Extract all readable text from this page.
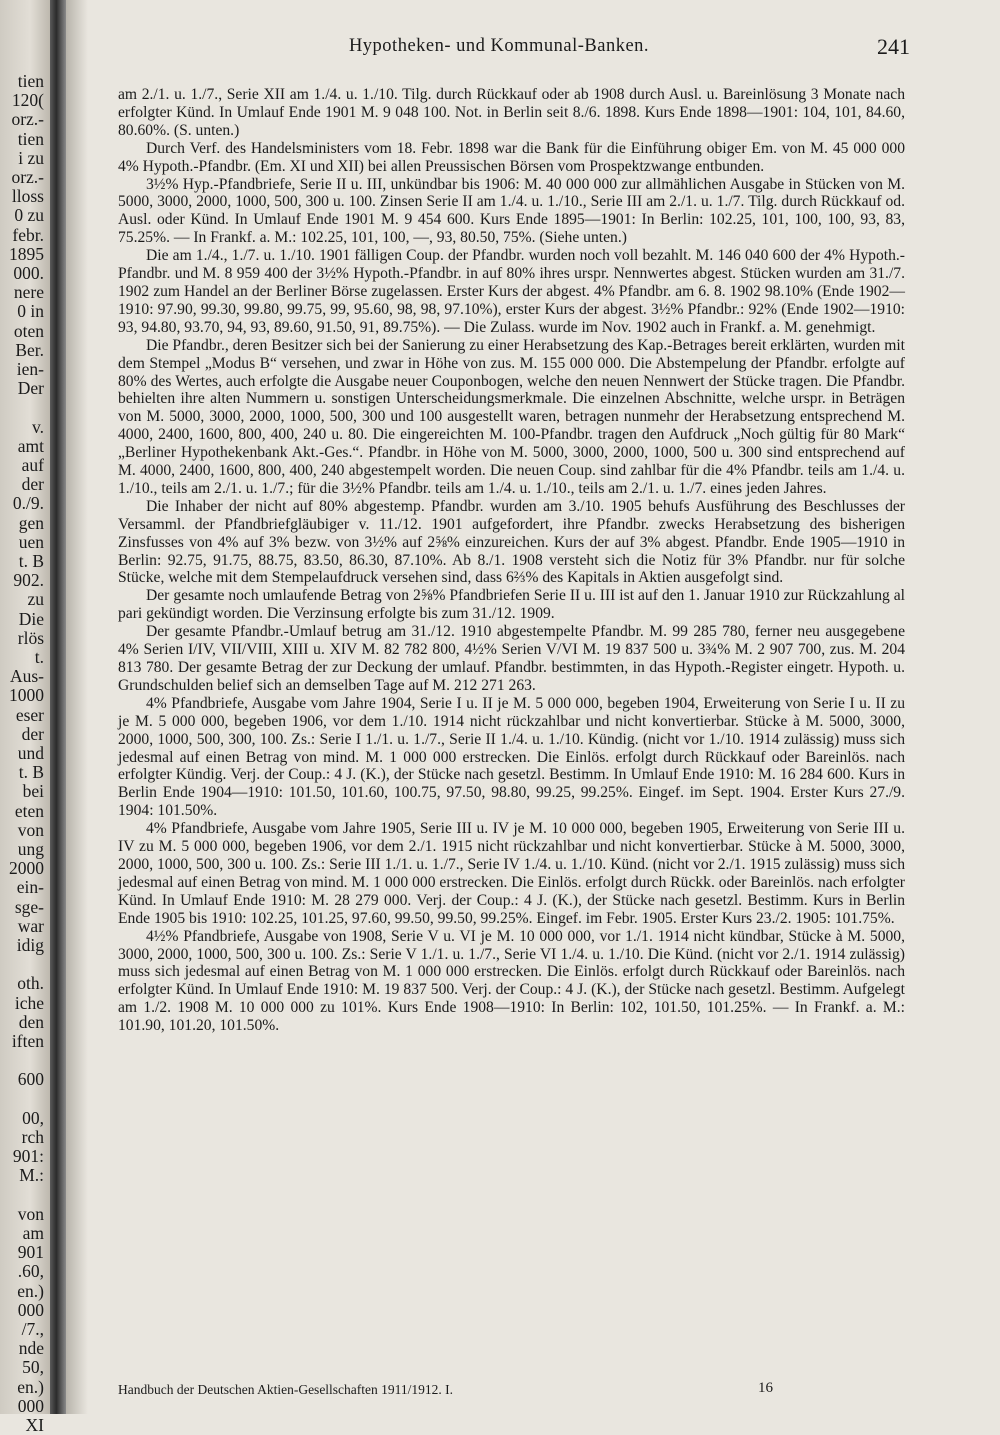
tien
120(
orz.-
tien
i zu
orz.-
lloss
0 zu
febr.
1895
000.
nere
0 in
oten
Ber.
ien-
Der
v.
amt
auf
der
0./9.
gen
uen
t. B
902.
zu
Die
rlös
t.
Aus-
1000
eser
der
und
t. B
bei
eten
von
ung
2000
ein-
sge-
war
idig
oth.
iche
den
iften
600
00,
rch
901:
M.:
von
am
901
.60,
en.)
000
/7.,
nde
50,
en.)
000
XI
Hypotheken- und Kommunal-Banken.	241

am 2./1. u. 1./7., Serie XII am 1./4. u. 1./10. Tilg. durch Rückkauf oder ab 1908 durch Ausl. u. Bareinlösung 3 Monate nach erfolgter Künd. In Umlauf Ende 1901 M. 9 048 100. Not. in Berlin seit 8./6. 1898. Kurs Ende 1898—1901: 104, 101, 84.60, 80.60%. (S. unten.)

Durch Verf. des Handelsministers vom 18. Febr. 1898 war die Bank für die Einführung obiger Em. von M. 45 000 000 4% Hypoth.-Pfandbr. (Em. XI und XII) bei allen Preussischen Börsen vom Prospektzwange entbunden.

3½% Hyp.-Pfandbriefe, Serie II u. III, unkündbar bis 1906: M. 40 000 000 zur allmählichen Ausgabe in Stücken von M. 5000, 3000, 2000, 1000, 500, 300 u. 100. Zinsen Serie II am 1./4. u. 1./10., Serie III am 2./1. u. 1./7. Tilg. durch Rückkauf od. Ausl. oder Künd. In Umlauf Ende 1901 M. 9 454 600. Kurs Ende 1895—1901: In Berlin: 102.25, 101, 100, 100, 93, 83, 75.25%. — In Frankf. a. M.: 102.25, 101, 100, —, 93, 80.50, 75%. (Siehe unten.)

Die am 1./4., 1./7. u. 1./10. 1901 fälligen Coup. der Pfandbr. wurden noch voll bezahlt. M. 146 040 600 der 4% Hypoth.-Pfandbr. und M. 8 959 400 der 3½% Hypoth.-Pfandbr. in auf 80% ihres urspr. Nennwertes abgest. Stücken wurden am 31./7. 1902 zum Handel an der Berliner Börse zugelassen. Erster Kurs der abgest. 4% Pfandbr. am 6. 8. 1902 98.10% (Ende 1902—1910: 97.90, 99.30, 99.80, 99.75, 99, 95.60, 98, 98, 97.10%), erster Kurs der abgest. 3½% Pfandbr.: 92% (Ende 1902—1910: 93, 94.80, 93.70, 94, 93, 89.60, 91.50, 91, 89.75%). — Die Zulass. wurde im Nov. 1902 auch in Frankf. a. M. genehmigt.

Die Pfandbr., deren Besitzer sich bei der Sanierung zu einer Herabsetzung des Kap.-Betrages bereit erklärten, wurden mit dem Stempel „Modus B“ versehen, und zwar in Höhe von zus. M. 155 000 000. Die Abstempelung der Pfandbr. erfolgte auf 80% des Wertes, auch erfolgte die Ausgabe neuer Couponbogen, welche den neuen Nennwert der Stücke tragen. Die Pfandbr. behielten ihre alten Nummern u. sonstigen Unterscheidungsmerkmale. Die einzelnen Abschnitte, welche urspr. in Beträgen von M. 5000, 3000, 2000, 1000, 500, 300 und 100 ausgestellt waren, betragen nunmehr der Herabsetzung entsprechend M. 4000, 2400, 1600, 800, 400, 240 u. 80. Die eingereichten M. 100-Pfandbr. tragen den Aufdruck „Noch gültig für 80 Mark“ „Berliner Hypothekenbank Akt.-Ges.“. Pfandbr. in Höhe von M. 5000, 3000, 2000, 1000, 500 u. 300 sind entsprechend auf M. 4000, 2400, 1600, 800, 400, 240 abgestempelt worden. Die neuen Coup. sind zahlbar für die 4% Pfandbr. teils am 1./4. u. 1./10., teils am 2./1. u. 1./7.; für die 3½% Pfandbr. teils am 1./4. u. 1./10., teils am 2./1. u. 1./7. eines jeden Jahres.

Die Inhaber der nicht auf 80% abgestemp. Pfandbr. wurden am 3./10. 1905 behufs Ausführung des Beschlusses der Versamml. der Pfandbriefgläubiger v. 11./12. 1901 aufgefordert, ihre Pfandbr. zwecks Herabsetzung des bisherigen Zinsfusses von 4% auf 3% bezw. von 3½% auf 2⅝% einzureichen. Kurs der auf 3% abgest. Pfandbr. Ende 1905—1910 in Berlin: 92.75, 91.75, 88.75, 83.50, 86.30, 87.10%. Ab 8./1. 1908 versteht sich die Notiz für 3% Pfandbr. nur für solche Stücke, welche mit dem Stempelaufdruck versehen sind, dass 6⅔% des Kapitals in Aktien ausgefolgt sind.

Der gesamte noch umlaufende Betrag von 2⅝% Pfandbriefen Serie II u. III ist auf den 1. Januar 1910 zur Rückzahlung al pari gekündigt worden. Die Verzinsung erfolgte bis zum 31./12. 1909.

Der gesamte Pfandbr.-Umlauf betrug am 31./12. 1910 abgestempelte Pfandbr. M. 99 285 780, ferner neu ausgegebene 4% Serien I/IV, VII/VIII, XIII u. XIV M. 82 782 800, 4½% Serien V/VI M. 19 837 500 u. 3¾% M. 2 907 700, zus. M. 204 813 780. Der gesamte Betrag der zur Deckung der umlauf. Pfandbr. bestimmten, in das Hypoth.-Register eingetr. Hypoth. u. Grundschulden belief sich an demselben Tage auf M. 212 271 263.

4% Pfandbriefe, Ausgabe vom Jahre 1904, Serie I u. II je M. 5 000 000, begeben 1904, Erweiterung von Serie I u. II zu je M. 5 000 000, begeben 1906, vor dem 1./10. 1914 nicht rückzahlbar und nicht konvertierbar. Stücke à M. 5000, 3000, 2000, 1000, 500, 300, 100. Zs.: Serie I 1./1. u. 1./7., Serie II 1./4. u. 1./10. Kündig. (nicht vor 1./10. 1914 zulässig) muss sich jedesmal auf einen Betrag von mind. M. 1 000 000 erstrecken. Die Einlös. erfolgt durch Rückkauf oder Bareinlös. nach erfolgter Kündig. Verj. der Coup.: 4 J. (K.), der Stücke nach gesetzl. Bestimm. In Umlauf Ende 1910: M. 16 284 600. Kurs in Berlin Ende 1904—1910: 101.50, 101.60, 100.75, 97.50, 98.80, 99.25, 99.25%. Eingef. im Sept. 1904. Erster Kurs 27./9. 1904: 101.50%.

4% Pfandbriefe, Ausgabe vom Jahre 1905, Serie III u. IV je M. 10 000 000, begeben 1905, Erweiterung von Serie III u. IV zu M. 5 000 000, begeben 1906, vor dem 2./1. 1915 nicht rückzahlbar und nicht konvertierbar. Stücke à M. 5000, 3000, 2000, 1000, 500, 300 u. 100. Zs.: Serie III 1./1. u. 1./7., Serie IV 1./4. u. 1./10. Künd. (nicht vor 2./1. 1915 zulässig) muss sich jedesmal auf einen Betrag von mind. M. 1 000 000 erstrecken. Die Einlös. erfolgt durch Rückk. oder Bareinlös. nach erfolgter Künd. In Umlauf Ende 1910: M. 28 279 000. Verj. der Coup.: 4 J. (K.), der Stücke nach gesetzl. Bestimm. Kurs in Berlin Ende 1905 bis 1910: 102.25, 101.25, 97.60, 99.50, 99.50, 99.25%. Eingef. im Febr. 1905. Erster Kurs 23./2. 1905: 101.75%.

4½% Pfandbriefe, Ausgabe von 1908, Serie V u. VI je M. 10 000 000, vor 1./1. 1914 nicht kündbar, Stücke à M. 5000, 3000, 2000, 1000, 500, 300 u. 100. Zs.: Serie V 1./1. u. 1./7., Serie VI 1./4. u. 1./10. Die Künd. (nicht vor 2./1. 1914 zulässig) muss sich jedesmal auf einen Betrag von M. 1 000 000 erstrecken. Die Einlös. erfolgt durch Rückkauf oder Bareinlös. nach erfolgter Künd. In Umlauf Ende 1910: M. 19 837 500. Verj. der Coup.: 4 J. (K.), der Stücke nach gesetzl. Bestimm. Aufgelegt am 1./2. 1908 M. 10 000 000 zu 101%. Kurs Ende 1908—1910: In Berlin: 102, 101.50, 101.25%. — In Frankf. a. M.: 101.90, 101.20, 101.50%.

Handbuch der Deutschen Aktien-Gesellschaften 1911/1912. I.	16
